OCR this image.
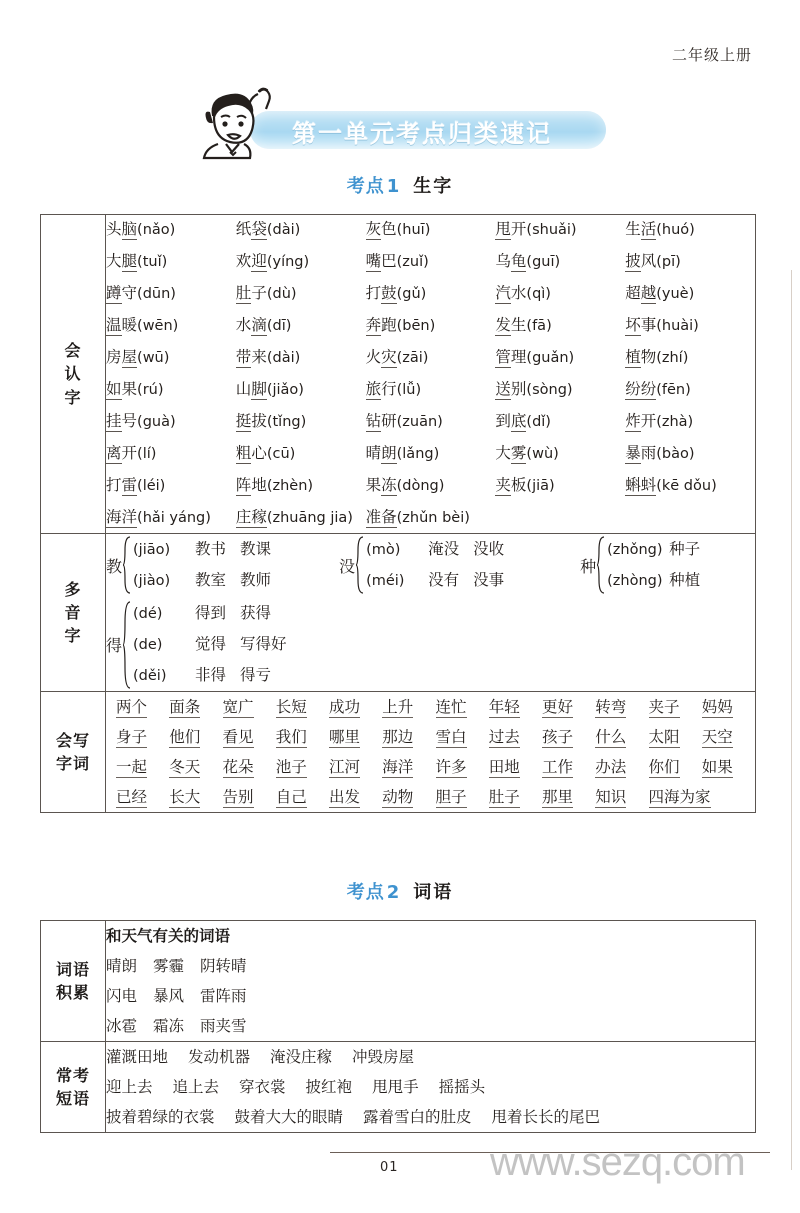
二年级上册
第一单元考点归类速记
考点 1 生字
会
认
字

头脑(nǎo)	纸袋(dài)	灰色(huī)	甩开(shuǎi)	生活(huó)
大腿(tuǐ)	欢迎(yíng)	嘴巴(zuǐ)	乌龟(guī)	披风(pī)
蹲守(dūn)	肚子(dù)	打鼓(gǔ)	汽水(qì)	超越(yuè)
温暖(wēn)	水滴(dī)	奔跑(bēn)	发生(fā)	坏事(huài)
房屋(wū)	带来(dài)	火灾(zāi)	管理(guǎn)	植物(zhí)
如果(rú)	山脚(jiǎo)	旅行(lǚ)	送别(sòng)	纷纷(fēn)
挂号(guà)	挺拔(tǐng)	钻研(zuān)	到底(dǐ)	炸开(zhà)
离开(lí)	粗心(cū)	晴朗(lǎng)	大雾(wù)	暴雨(bào)
打雷(léi)	阵地(zhèn)	果冻(dòng)	夹板(jiā)	蝌蚪(kē dǒu)
海洋(hǎi yáng)	庄稼(zhuāng jia) 准备(zhǔn bèi)

多
音
字

教
(jiāo) 教书 教课
(jiào) 教室 教师
没
(mò) 淹没 没收
(méi) 没有 没事
种
(zhǒng) 种子
(zhòng) 种植
得
(dé) 得到 获得
(de) 觉得 写得好
(děi) 非得 得亏

会写
字词

两个	面条	宽广	长短	成功	上升	连忙	年轻	更好	转弯	夹子	妈妈
身子	他们	看见	我们	哪里	那边	雪白	过去	孩子	什么	太阳	天空
一起	冬天	花朵	池子	江河	海洋	许多	田地	工作	办法	你们	如果
已经	长大	告别	自己	出发	动物	胆子	肚子	那里	知识	四海为家
考点 2 词语
词语
积累

和天气有关的词语
晴朗 雾霾 阴转晴
闪电 暴风 雷阵雨
冰雹 霜冻 雨夹雪

常考
短语

灌溉田地 发动机器 淹没庄稼 冲毁房屋
迎上去 追上去 穿衣裳 披红袍 甩甩手 摇摇头
披着碧绿的衣裳 鼓着大大的眼睛 露着雪白的肚皮 甩着长长的尾巴
01 www.sezq.com
